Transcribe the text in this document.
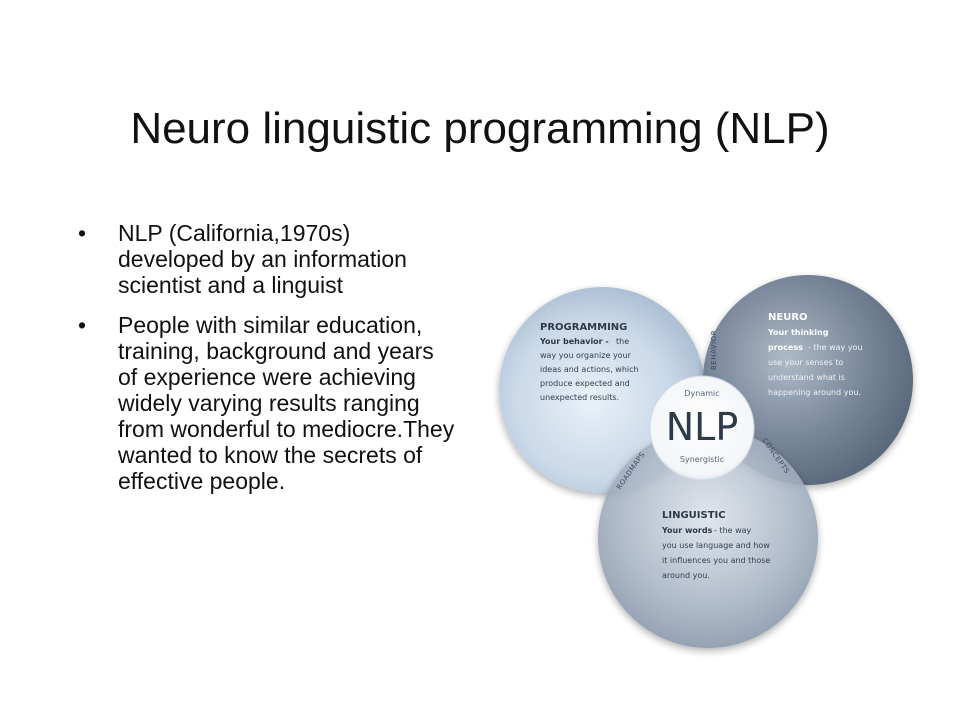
Neuro linguistic programming (NLP)
•	NLP (California,1970s) developed by an information scientist and a linguist
•	People with similar education, training, background and years of experience were achieving widely varying results ranging from wonderful to mediocre.They wanted to know the secrets of effective people.
PROGRAMMING
Your behavior - the
way you organize your
ideas and actions, which
produce expected and
unexpected results.
NEURO
Your thinking
process - the way you
use your senses to
understand what is
happening around you.
LINGUISTIC
Your words - the way
you use language and how
it influences you and those
around you.
BEHAVIOR
ROADMAPS	CONCEPTS
Dynamic
NLP
Synergistic
